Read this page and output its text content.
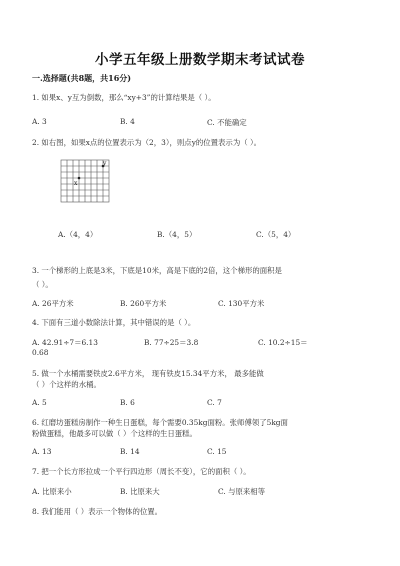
小学五年级上册数学期末考试试卷
一.选择题(共8题，共16分)
1. 如果x、y互为倒数，那么“xy+3”的计算结果是（ ）。
A. 3	B. 4	C. 不能确定
2. 如右图，如果x点的位置表示为（2，3），则点y的位置表示为（ ）。
x
y
A.（4，4）	B.（4，5）	C.（5，4）
3. 一个梯形的上底是3米，下底是10米，高是下底的2倍，这个梯形的面积是
（ ）。
A. 26平方米	B. 260平方米	C. 130平方米
4. 下面有三道小数除法计算，其中错误的是（ ）。
A. 42.91÷7＝6.13	B. 77÷25＝3.8	C. 10.2÷15＝
0.68
5. 做一个水桶需要铁皮2.6平方米， 现有铁皮15.34平方米， 最多能做
（ ）个这样的水桶。
A. 5	B. 6	C. 7
6. 红磨坊蛋糕房制作一种生日蛋糕，每个需要0.35kg面粉。张师傅领了5kg面
粉做蛋糕，他最多可以做（ ）个这样的生日蛋糕。
A. 13	B. 14	C. 15
7. 把一个长方形拉成一个平行四边形（周长不变），它的面积（ ）。
A. 比原来小	B. 比原来大	C. 与原来相等
8. 我们能用（ ）表示一个物体的位置。
